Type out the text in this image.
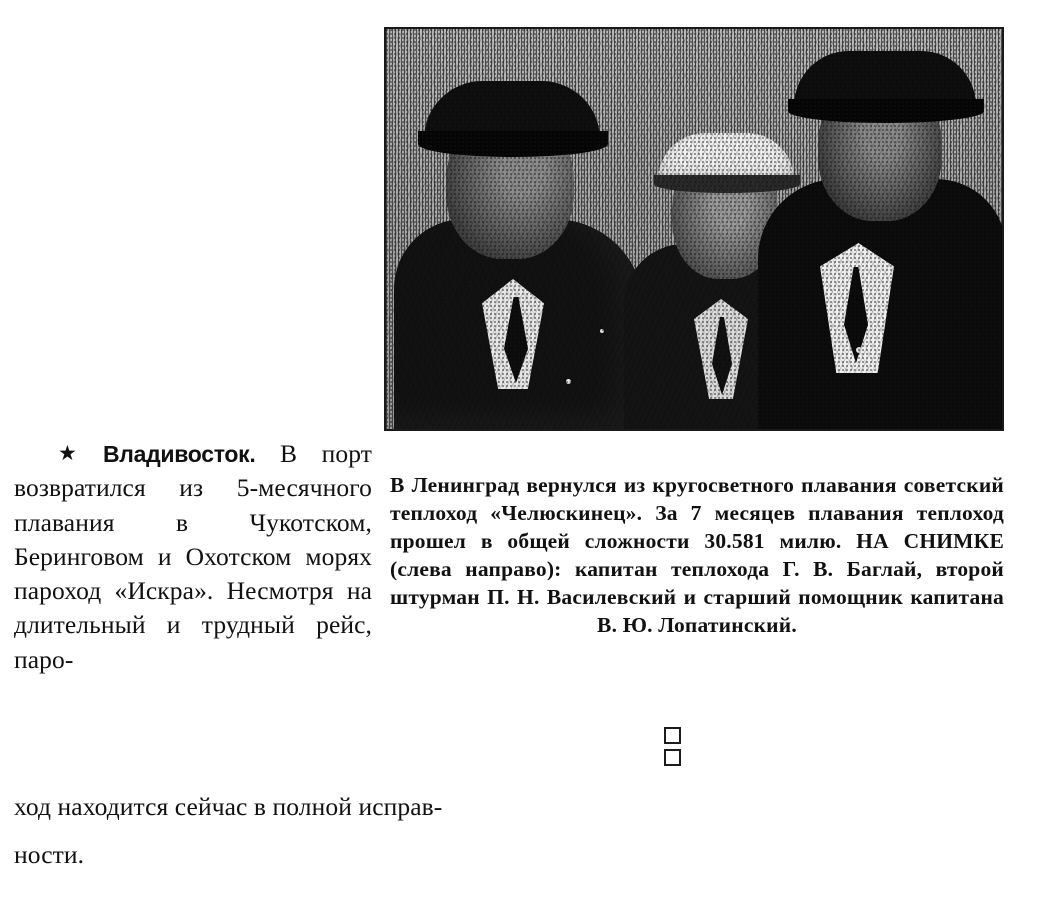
★ Владивосток. В порт возвратился из 5-месячного плавания в Чукотском, Беринговом и Охотском морях пароход «Искра». Несмотря на длительный и трудный рейс, паро-
ход находится сейчас в полной исправ-
ности.

В Ленинград вернулся из кругосветного плавания советский теплоход «Челюскинец». За 7 месяцев плавания теплоход прошел в общей сложности 30.581 милю. НА СНИМКЕ (слева направо): капитан теплохода Г. В. Баглай, второй штурман П. Н. Василевский и старший помощник капитана В. Ю. Лопатинский.
